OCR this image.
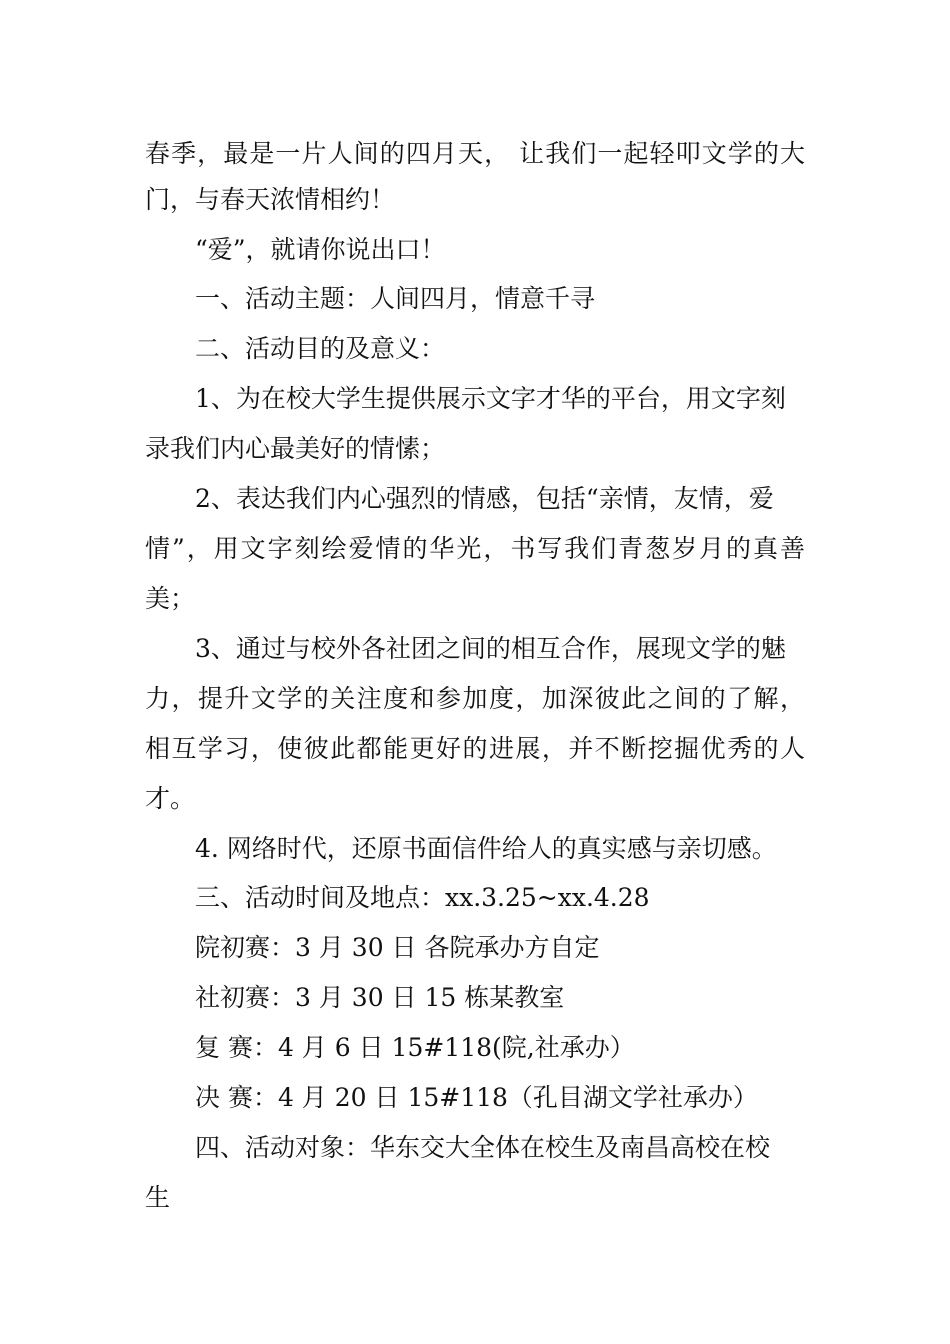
春季，最是一片人间的四月天， 让我们一起轻叩文学的大
门，与春天浓情相约！
“爱”，就请你说出口！
一、活动主题：人间四月，情意千寻
二、活动目的及意义：
1、为在校大学生提供展示文字才华的平台，用文字刻
录我们内心最美好的情愫；
2、表达我们内心强烈的情感，包括“亲情，友情，爱
情”，用文字刻绘爱情的华光，书写我们青葱岁月的真善
美；
3、通过与校外各社团之间的相互合作，展现文学的魅
力，提升文学的关注度和参加度，加深彼此之间的了解，
相互学习，使彼此都能更好的进展，并不断挖掘优秀的人
才。
4. 网络时代，还原书面信件给人的真实感与亲切感。
三、活动时间及地点：xx.3.25~xx.4.28
院初赛：3 月 30 日 各院承办方自定
社初赛：3 月 30 日 15 栋某教室
复 赛：4 月 6 日 15#118(院,社承办）
决 赛：4 月 20 日 15#118（孔目湖文学社承办）
四、活动对象：华东交大全体在校生及南昌高校在校
生
